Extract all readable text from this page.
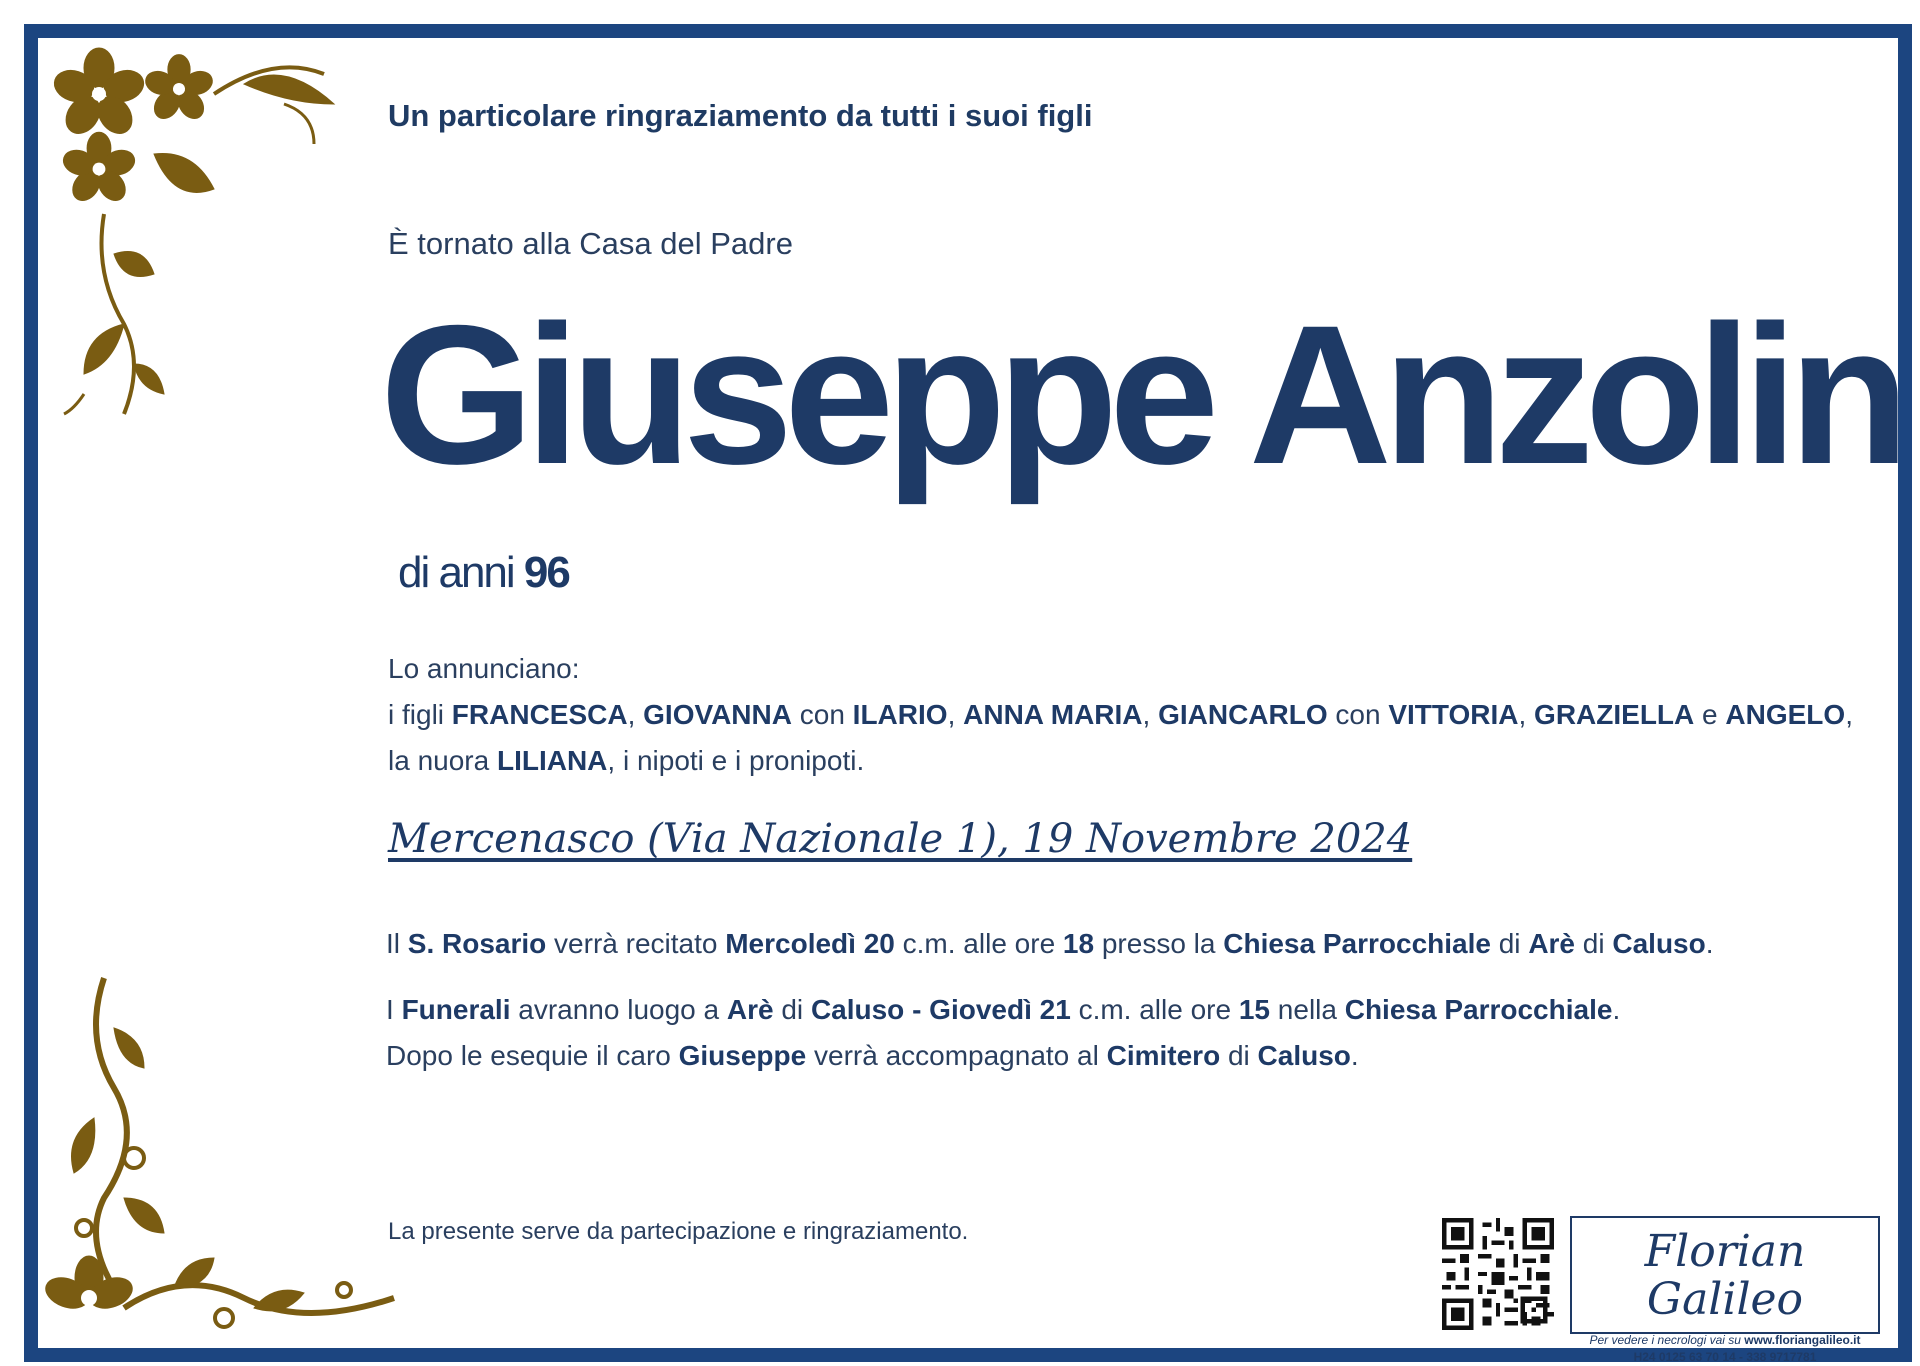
Un particolare ringraziamento da tutti i suoi figli
È tornato alla Casa del Padre
Giuseppe Anzolin
di anni 96
Lo annunciano:
i figli FRANCESCA, GIOVANNA con ILARIO, ANNA MARIA, GIANCARLO con VITTORIA, GRAZIELLA e ANGELO,
la nuora LILIANA, i nipoti e i pronipoti.
Mercenasco (Via Nazionale 1), 19 Novembre 2024
Il S. Rosario verrà recitato Mercoledì 20 c.m. alle ore 18 presso la Chiesa Parrocchiale di Arè di Caluso.
I Funerali avranno luogo a Arè di Caluso - Giovedì 21 c.m. alle ore 15 nella Chiesa Parrocchiale.
Dopo le esequie il caro Giuseppe verrà accompagnato al Cimitero di Caluso.
La presente serve da partecipazione e ringraziamento.	Florian Galileo
Per vedere i necrologi vai su www.floriangalileo.it
H24 0125 63 70 14 - 338 9717781
